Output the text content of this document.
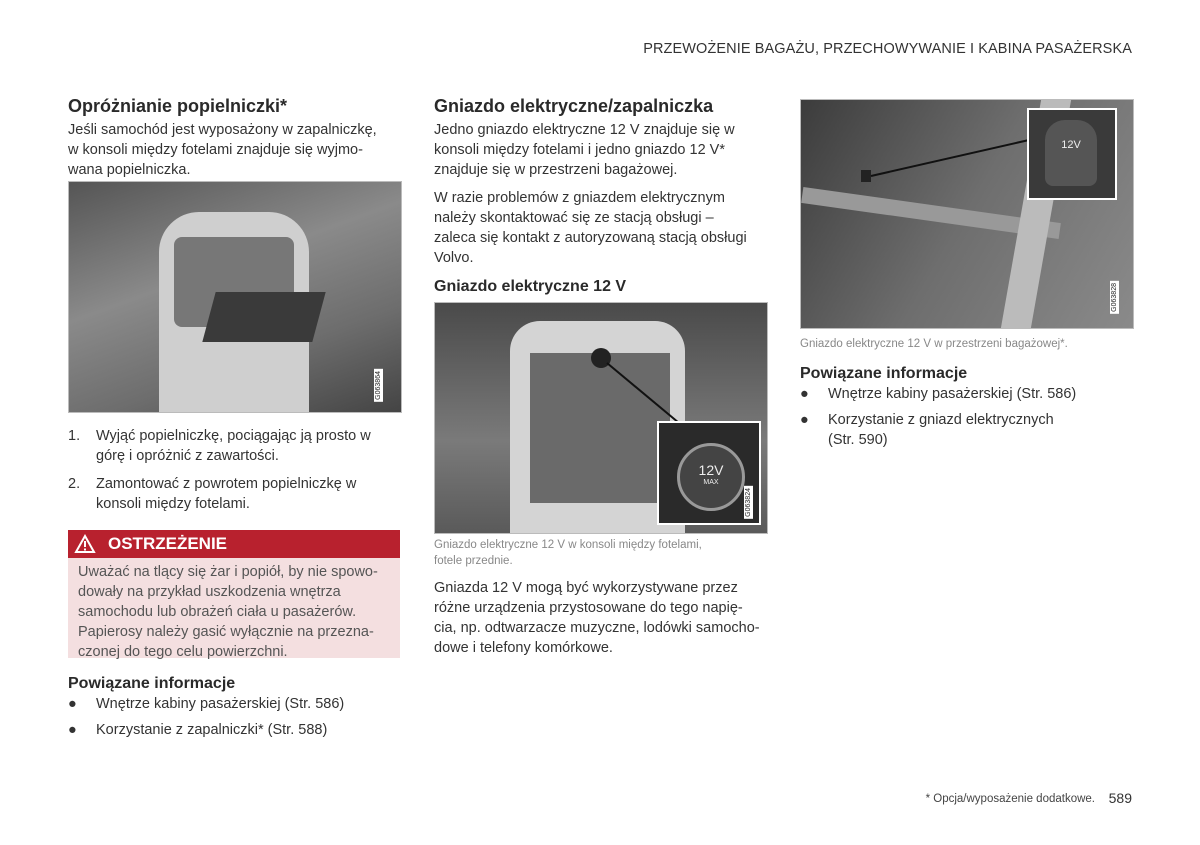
PRZEWOŻENIE BAGAŻU, PRZECHOWYWANIE I KABINA PASAŻERSKA
Opróżnianie popielniczki*

Jeśli samochód jest wyposażony w zapalniczkę,

w konsoli między fotelami znajduje się wyjmo-

wana popielniczka.

G063864
1. Wyjąć popielniczkę, pociągając ją prosto w
górę i opróżnić z zawartości.
2. Zamontować z powrotem popielniczkę w
konsoli między fotelami.
OSTRZEŻENIE
Uważać na tlący się żar i popiół, by nie spowo-
dowały na przykład uszkodzenia wnętrza
samochodu lub obrażeń ciała u pasażerów.
Papierosy należy gasić wyłącznie na przezna-
czonej do tego celu powierzchni.
Powiązane informacje
● Wnętrze kabiny pasażerskiej (Str. 586)
● Korzystanie z zapalniczki* (Str. 588)
Gniazdo elektryczne/zapalniczka

Jedno gniazdo elektryczne 12 V znajduje się w

konsoli między fotelami i jedno gniazdo 12 V*

znajduje się w przestrzeni bagażowej.

W razie problemów z gniazdem elektrycznym

należy skontaktować się ze stacją obsługi –

zaleca się kontakt z autoryzowaną stacją obsługi

Volvo.

Gniazdo elektryczne 12 V
12V
MAX
G063824
Gniazdo elektryczne 12 V w konsoli między fotelami,
fotele przednie.

Gniazda 12 V mogą być wykorzystywane przez

różne urządzenia przystosowane do tego napię-

cia, np. odtwarzacze muzyczne, lodówki samocho-

dowe i telefony komórkowe.

12V
G063828
Gniazdo elektryczne 12 V w przestrzeni bagażowej*.
Powiązane informacje
● Wnętrze kabiny pasażerskiej (Str. 586)
● Korzystanie z gniazd elektrycznych
(Str. 590)
* Opcja/wyposażenie dodatkowe. 589
